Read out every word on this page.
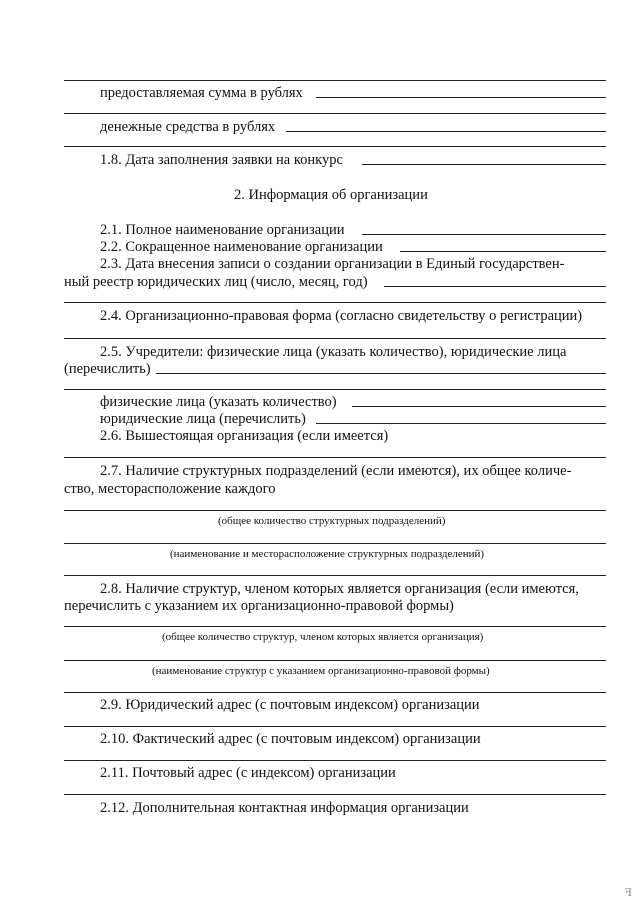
предоставляемая сумма в рублях
денежные средства в рублях
1.8. Дата заполнения заявки на конкурс
2. Информация об организации
2.1. Полное наименование организации
2.2. Сокращенное наименование организации
2.3. Дата внесения записи о создании организации в Единый государствен-
ный реестр юридических лиц (число, месяц, год)
2.4. Организационно-правовая форма (согласно свидетельству о регистрации)
2.5. Учредители: физические лица (указать количество), юридические лица
(перечислить)
физические лица (указать количество)
юридические лица (перечислить)
2.6. Вышестоящая организация (если имеется)
2.7. Наличие структурных подразделений (если имеются), их общее количе-
ство, месторасположение каждого
(общее количество структурных подразделений)
(наименование и месторасположение структурных подразделений)
2.8. Наличие структур, членом которых является организация (если имеются,
перечислить с указанием их организационно-правовой формы)
(общее количество структур, членом которых является организация)
(наименование структур с указанием организационно-правовой формы)
2.9. Юридический адрес (с почтовым индексом) организации
2.10. Фактический адрес (с почтовым индексом) организации
2.11. Почтовый адрес (с индексом) организации
2.12. Дополнительная контактная информация организации
ꟻ
